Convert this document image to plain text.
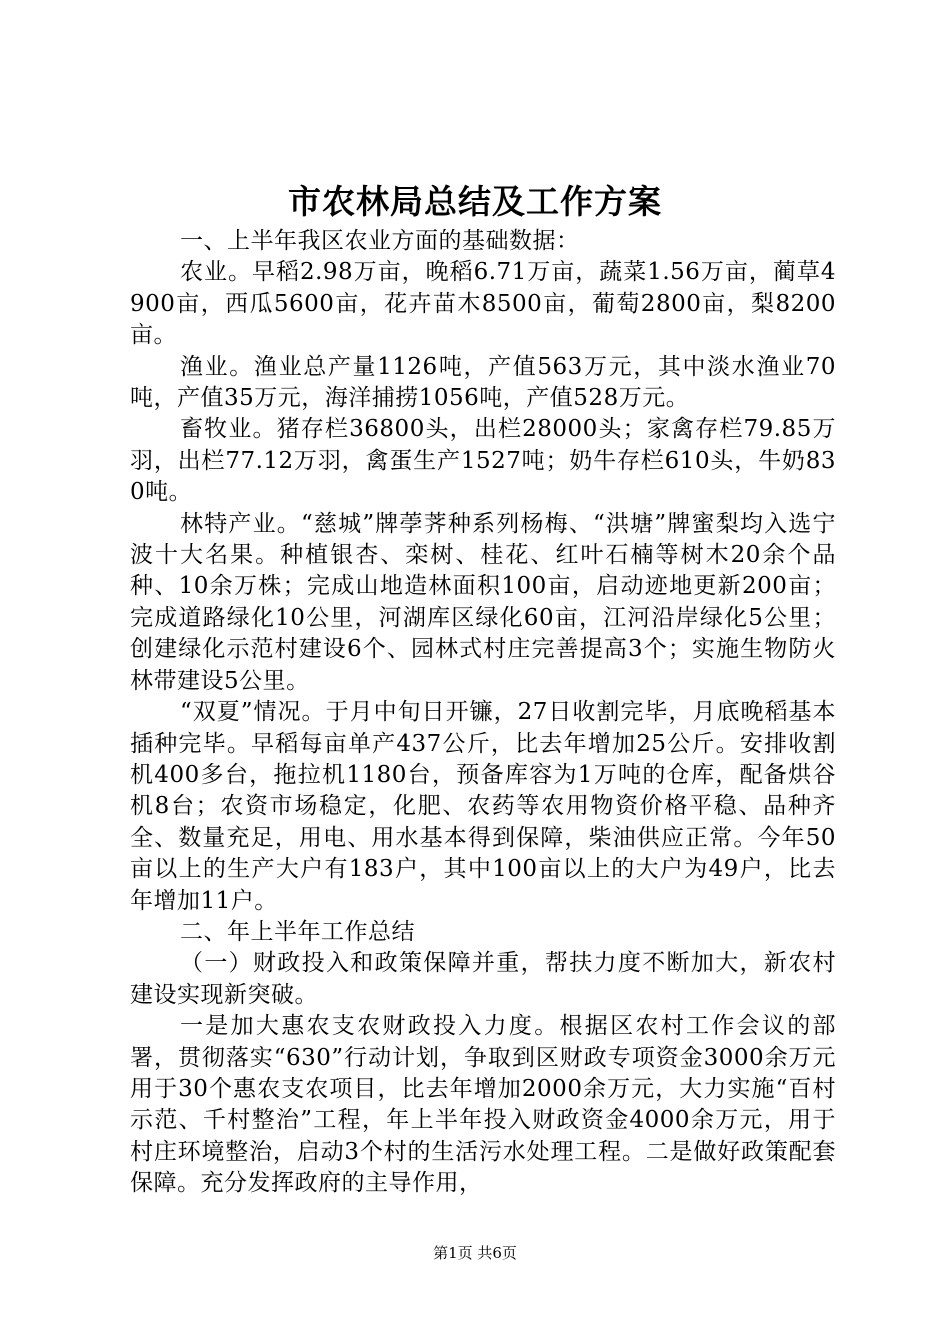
市农林局总结及工作方案

一、上半年我区农业方面的基础数据：

农业。早稻2.98万亩，晚稻6.71万亩，蔬菜1.56万亩，蔺草4900亩，西瓜5600亩，花卉苗木8500亩，葡萄2800亩，梨8200亩。

渔业。渔业总产量1126吨，产值563万元，其中淡水渔业70吨，产值35万元，海洋捕捞1056吨，产值528万元。

畜牧业。猪存栏36800头，出栏28000头；家禽存栏79.85万羽，出栏77.12万羽，禽蛋生产1527吨；奶牛存栏610头，牛奶830吨。

林特产业。“慈城”牌荸荠种系列杨梅、“洪塘”牌蜜梨均入选宁波十大名果。种植银杏、栾树、桂花、红叶石楠等树木20余个品种、10余万株；完成山地造林面积100亩，启动迹地更新200亩；完成道路绿化10公里，河湖库区绿化60亩，江河沿岸绿化5公里；创建绿化示范村建设6个、园林式村庄完善提高3个；实施生物防火林带建设5公里。

“双夏”情况。于月中旬日开镰，27日收割完毕，月底晚稻基本插种完毕。早稻每亩单产437公斤，比去年增加25公斤。安排收割机400多台，拖拉机1180台，预备库容为1万吨的仓库，配备烘谷机8台；农资市场稳定，化肥、农药等农用物资价格平稳、品种齐全、数量充足，用电、用水基本得到保障，柴油供应正常。今年50亩以上的生产大户有183户，其中100亩以上的大户为49户，比去年增加11户。

二、年上半年工作总结

（一）财政投入和政策保障并重，帮扶力度不断加大，新农村建设实现新突破。

一是加大惠农支农财政投入力度。根据区农村工作会议的部署，贯彻落实“630”行动计划，争取到区财政专项资金3000余万元用于30个惠农支农项目，比去年增加2000余万元，大力实施“百村示范、千村整治”工程，年上半年投入财政资金4000余万元，用于村庄环境整治，启动3个村的生活污水处理工程。二是做好政策配套保障。充分发挥政府的主导作用，

第1页 共6页
